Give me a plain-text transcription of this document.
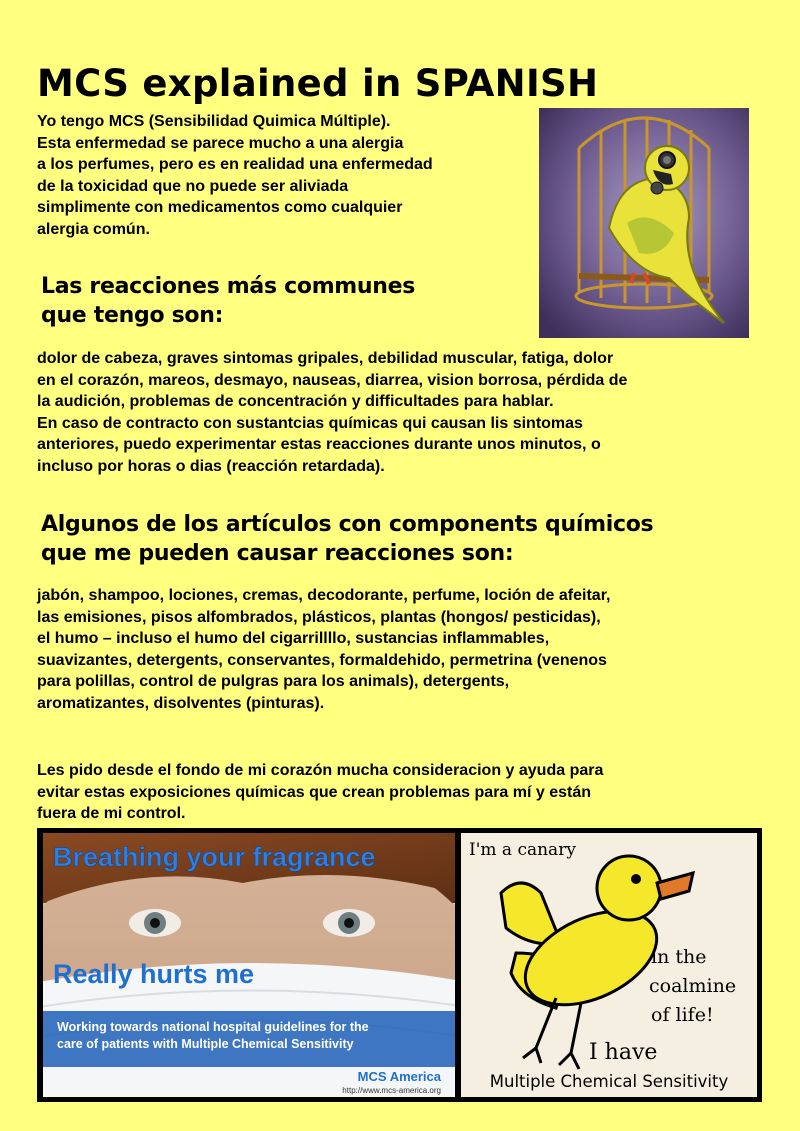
MCS explained in SPANISH

Yo tengo MCS (Sensibilidad Quimica Múltiple).

Esta enfermedad se parece mucho a una alergia

a los perfumes, pero es en realidad una enfermedad

de la toxicidad que no puede ser aliviada

simplimente con medicamentos como cualquier

alergia común.

Las reacciones más communes
que tengo son:
dolor de cabeza, graves sintomas gripales, debilidad muscular, fatiga, dolor
en el corazón, mareos, desmayo, nauseas, diarrea, vision borrosa, pérdida de
la audición, problemas de concentración y difficultades para hablar.
En caso de contracto con sustantcias químicas qui causan lis sintomas
anteriores, puedo experimentar estas reacciones durante unos minutos, o
incluso por horas o dias (reacción retardada).
Algunos de los artículos con components químicos
que me pueden causar reacciones son:
jabón, shampoo, lociones, cremas, decodorante, perfume, loción de afeitar,
las emisiones, pisos alfombrados, plásticos, plantas (hongos/ pesticidas),
el humo – incluso el humo del cigarrillllo, sustancias inflammables,
suavizantes, detergents, conservantes, formaldehido, permetrina (venenos
para polillas, control de pulgras para los animals), detergents,
aromatizantes, disolventes (pinturas).
Les pido desde el fondo de mi corazón mucha consideracion y ayuda para
evitar estas exposiciones químicas que crean problemas para mí y están
fuera de mi control.
Breathing your fragrance
Really hurts me
Working towards national hospital guidelines for the
care of patients with Multiple Chemical Sensitivity
MCS America
http://www.mcs-america.org
I'm a canary
in the
coalmine
of life!
I have
Multiple Chemical Sensitivity
